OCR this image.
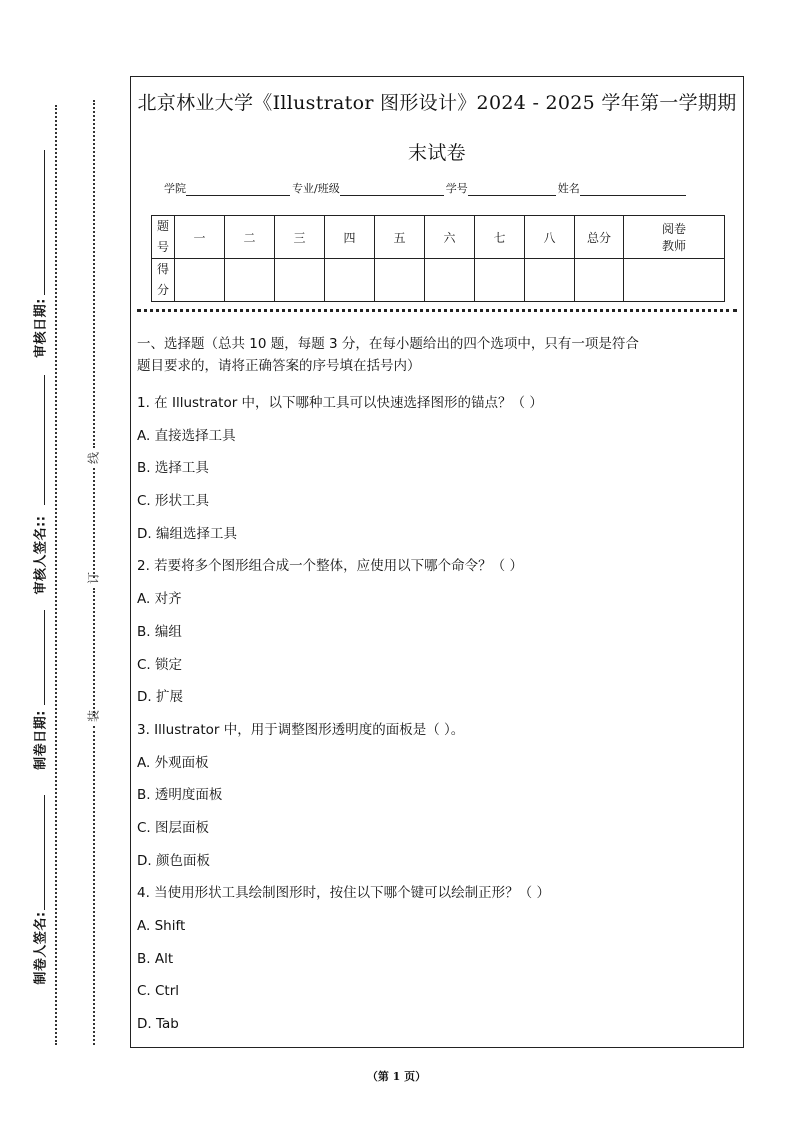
审核日期:
审核人签名::
制卷日期:
制卷人签名:
线
订
装
北京林业大学《Illustrator 图形设计》2024 - 2025 学年第一学期期
末试卷
学院	专业/班级	学号	姓名
题
号	一	二	三	四	五	六	七	八	总分	阅卷
教师
得
分										
一、选择题（总共 10 题，每题 3 分，在每小题给出的四个选项中，只有一项是符合
题目要求的，请将正确答案的序号填在括号内）
1. 在 Illustrator 中，以下哪种工具可以快速选择图形的锚点？（ ）
A. 直接选择工具
B. 选择工具
C. 形状工具
D. 编组选择工具
2. 若要将多个图形组合成一个整体，应使用以下哪个命令？（ ）
A. 对齐
B. 编组
C. 锁定
D. 扩展
3. Illustrator 中，用于调整图形透明度的面板是（ ）。
A. 外观面板
B. 透明度面板
C. 图层面板
D. 颜色面板
4. 当使用形状工具绘制图形时，按住以下哪个键可以绘制正形？（ ）
A. Shift
B. Alt
C. Ctrl
D. Tab
（第 1 页）
